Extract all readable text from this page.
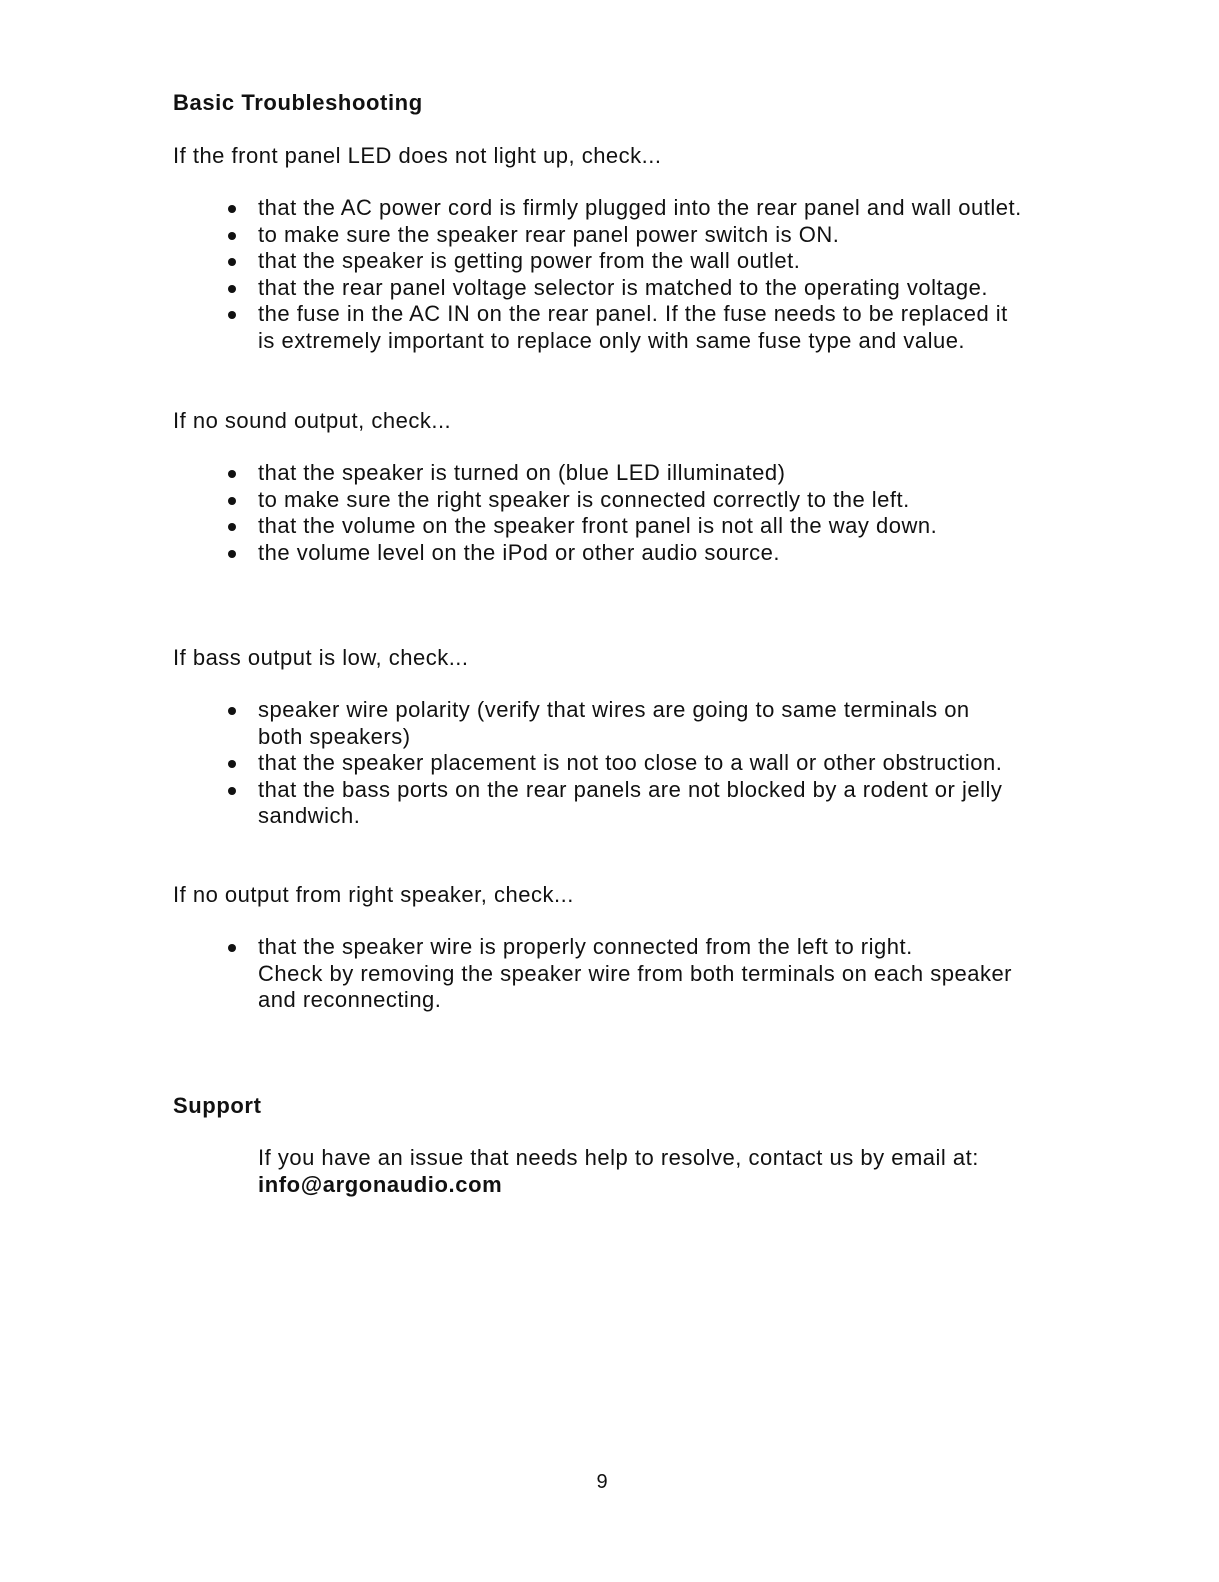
Basic Troubleshooting

If the front panel LED does not light up, check...

that the AC power cord is firmly plugged into the rear panel and wall outlet.
to make sure the speaker rear panel power switch is ON.
that the speaker is getting power from the wall outlet.
that the rear panel voltage selector is matched to the operating voltage.
the fuse in the AC IN on the rear panel. If the fuse needs to be replaced it
is extremely important to replace only with same fuse type and value.

If no sound output, check...

that the speaker is turned on (blue LED illuminated)
to make sure the right speaker is connected correctly to the left.
that the volume on the speaker front panel is not all the way down.
the volume level on the iPod or other audio source.

If bass output is low, check...

speaker wire polarity (verify that wires are going to same terminals on
both speakers)
that the speaker placement is not too close to a wall or other obstruction.
that the bass ports on the rear panels are not blocked by a rodent or jelly
sandwich.

If no output from right speaker, check...

that the speaker wire is properly connected from the left to right.
Check by removing the speaker wire from both terminals on each speaker
and reconnecting.
Support

If you have an issue that needs help to resolve, contact us by email at:

info@argonaudio.com

9
